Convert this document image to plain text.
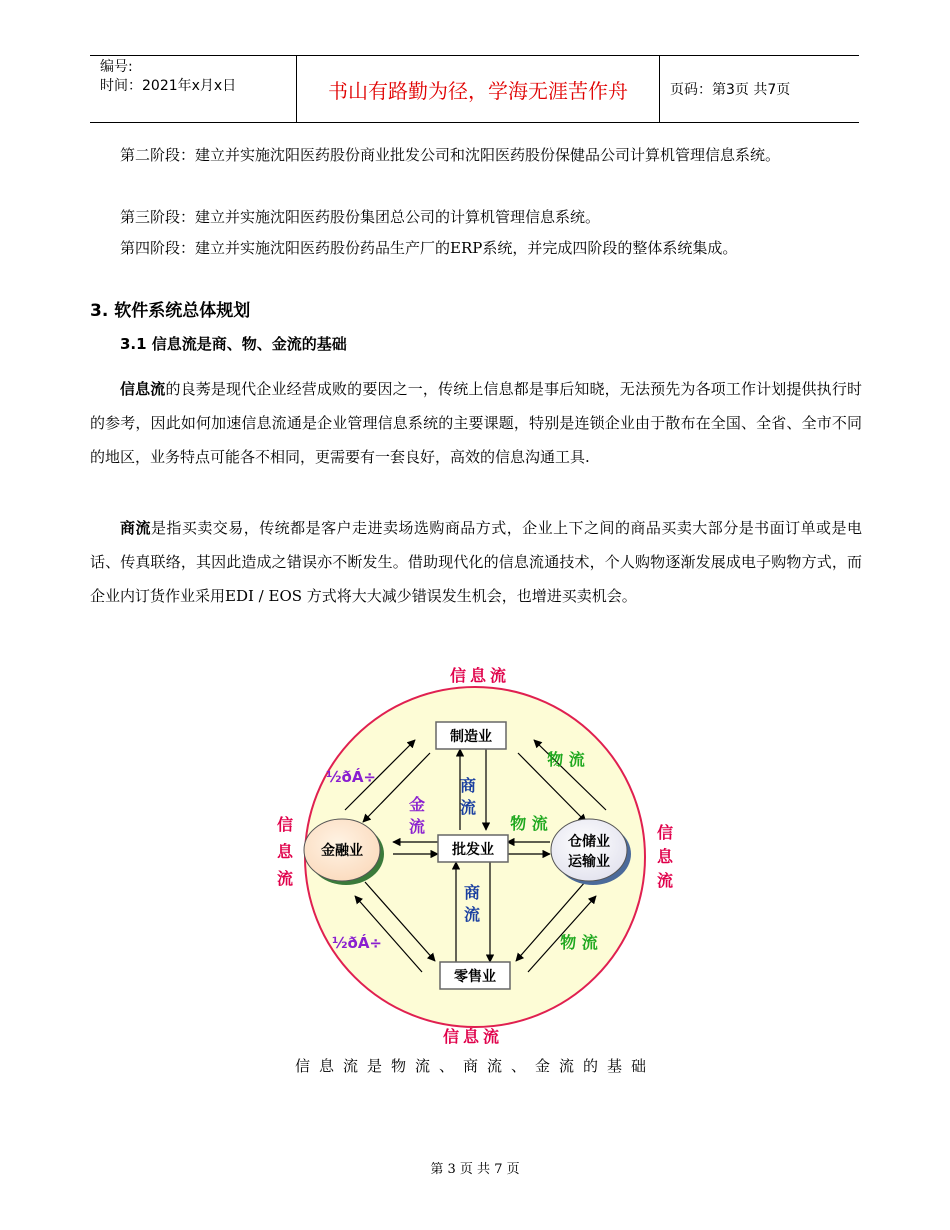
编号:
时间：2021年x月x日	书山有路勤为径，学海无涯苦作舟	页码：第3页 共7页
第二阶段：建立并实施沈阳医药股份商业批发公司和沈阳医药股份保健品公司计算机管理信息系统。
第三阶段：建立并实施沈阳医药股份集团总公司的计算机管理信息系统。
第四阶段：建立并实施沈阳医药股份药品生产厂的ERP系统，并完成四阶段的整体系统集成。
3. 软件系统总体规划
3.1 信息流是商、物、金流的基础
信息流的良莠是现代企业经营成败的要因之一，传统上信息都是事后知晓，无法预先为各项工作计划提供执行时的参考，因此如何加速信息流通是企业管理信息系统的主要课题，特别是连锁企业由于散布在全国、全省、全市不同的地区，业务特点可能各不相同，更需要有一套良好，高效的信息沟通工具.
商流是指买卖交易，传统都是客户走进卖场选购商品方式，企业上下之间的商品买卖大部分是书面订单或是电话、传真联络，其因此造成之错误亦不断发生。借助现代化的信息流通技术，个人购物逐渐发展成电子购物方式，而企业内订货作业采用EDI / EOS 方式将大大减少错误发生机会，也增进买卖机会。
制造业
批发业
零售业
金融业
仓储业
运输业
信息流
信息流
信息流
信息流
商流
商流
金流
½ðÁ÷
½ðÁ÷
物 流
物 流
物 流
信息流是物流、商流、金流的基础
第 3 页 共 7 页
